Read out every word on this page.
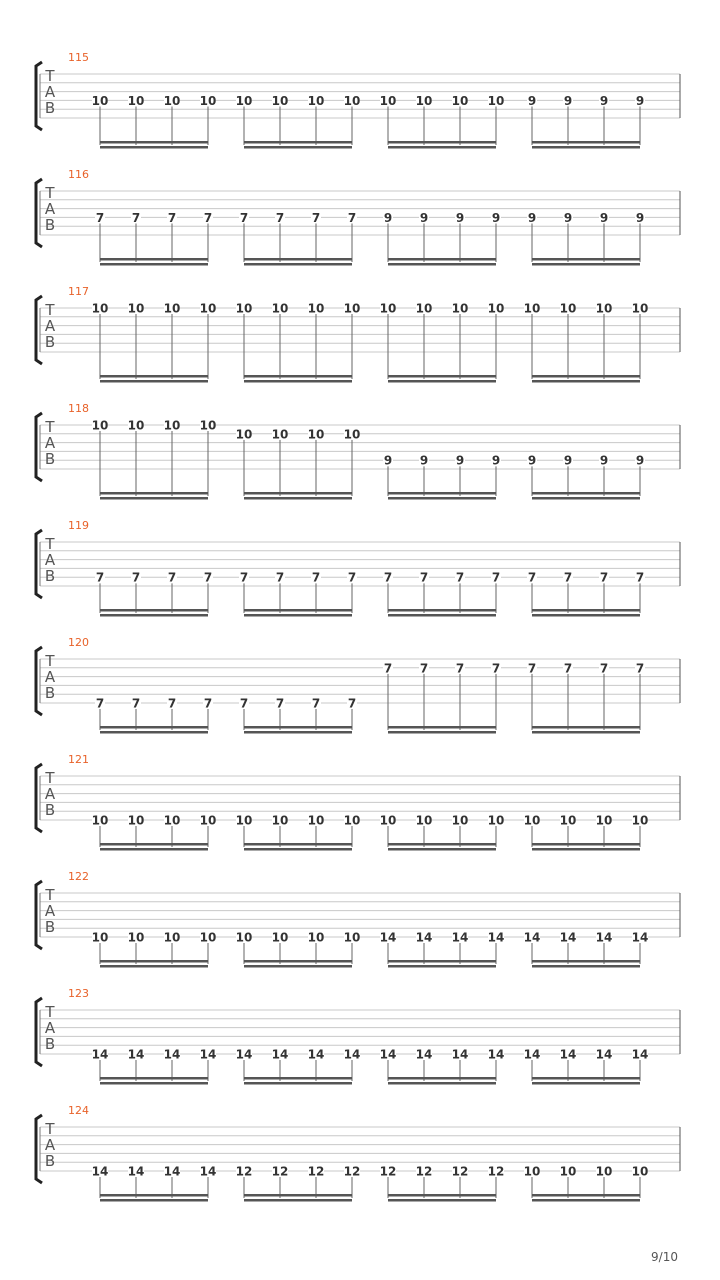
T
A
B
115
10 10 10 10 10 10 10 10 10 10 10 10 9 9 9 9
T
A
B
116
7 7 7 7 7 7 7 7 9 9 9 9 9 9 9 9
T
A
B
117
10 10 10 10 10 10 10 10 10 10 10 10 10 10 10 10
T
A
B
118
10 10 10 10
10 10 10 10
9 9 9 9 9 9 9 9
T
A
B
119
7 7 7 7 7 7 7 7 7 7 7 7 7 7 7 7
T
A
B
120
7 7 7 7 7 7 7 7
7 7 7 7 7 7 7 7
T
A
B
121
10 10 10 10 10 10 10 10 10 10 10 10 10 10 10 10
T
A
B
122
10 10 10 10 10 10 10 10 14 14 14 14 14 14 14 14
T
A
B
123
14 14 14 14 14 14 14 14 14 14 14 14 14 14 14 14
T
A
B
124
14 14 14 14 12 12 12 12 12 12 12 12 10 10 10 10
9/10
